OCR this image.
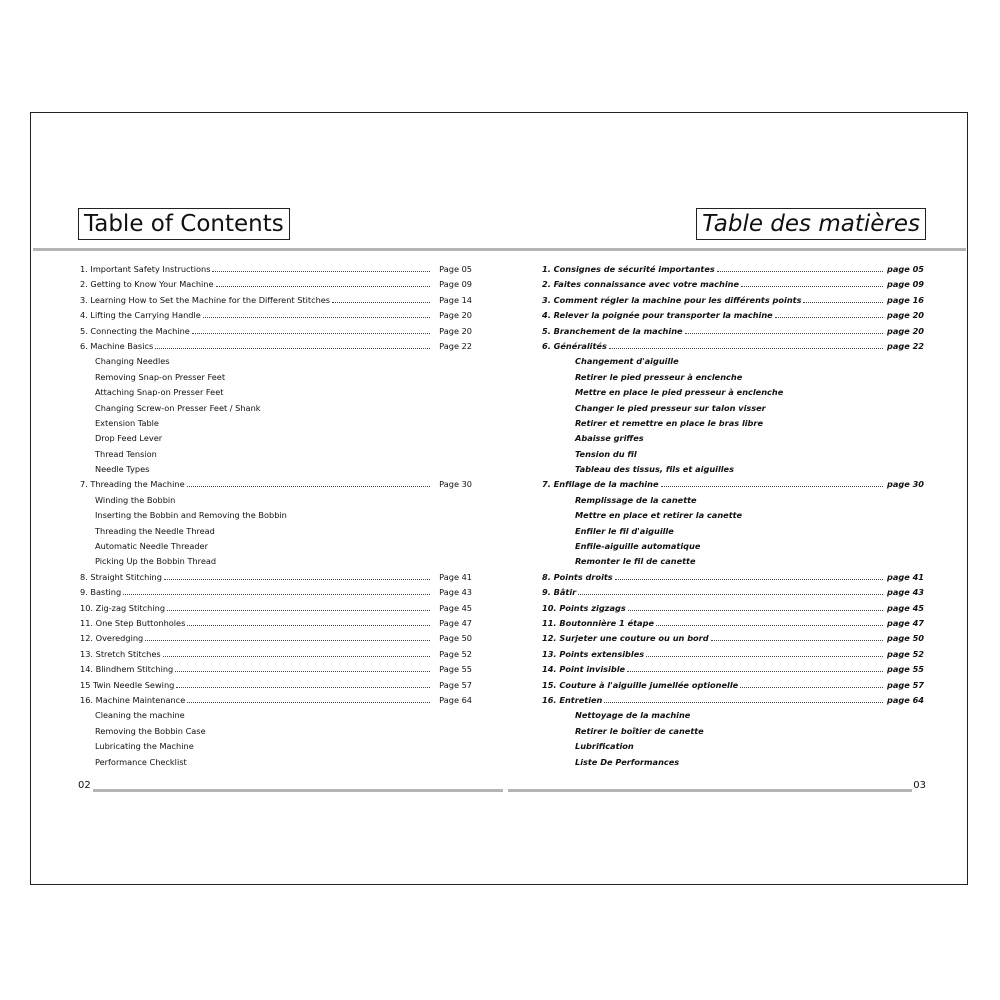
Table of Contents	Table des matières
1. Important Safety Instructions	Page 05
2. Getting to Know Your Machine	Page 09
3. Learning How to Set the Machine for the Different Stitches	Page 14
4. Lifting the Carrying Handle	Page 20
5. Connecting the Machine	Page 20
6. Machine Basics	Page 22
Changing Needles
Removing Snap-on Presser Feet
Attaching Snap-on Presser Feet
Changing Screw-on Presser Feet / Shank
Extension Table
Drop Feed Lever
Thread Tension
Needle Types
7. Threading the Machine	Page 30
Winding the Bobbin
Inserting the Bobbin and Removing the Bobbin
Threading the Needle Thread
Automatic Needle Threader
Picking Up the Bobbin Thread
8. Straight Stitching	Page 41
9. Basting	Page 43
10. Zig-zag Stitching	Page 45
11. One Step Buttonholes	Page 47
12. Overedging	Page 50
13. Stretch Stitches	Page 52
14. Blindhem Stitching	Page 55
15 Twin Needle Sewing	Page 57
16. Machine Maintenance	Page 64
Cleaning the machine
Removing the Bobbin Case
Lubricating the Machine
Performance Checklist
1. Consignes de sécurité importantes	page 05
2. Faites connaissance avec votre machine	page 09
3. Comment régler la machine pour les différents points	page 16
4. Relever la poignée pour transporter la machine	page 20
5. Branchement de la machine	page 20
6. Généralités	page 22
Changement d'aiguille
Retirer le pied presseur à enclenche
Mettre en place le pied presseur à enclenche
Changer le pied presseur sur talon visser
Retirer et remettre en place le bras libre
Abaisse griffes
Tension du fil
Tableau des tissus, fils et aiguilles
7. Enfilage de la machine	page 30
Remplissage de la canette
Mettre en place et retirer la canette
Enfiler le fil d'aiguille
Enfile-aiguille automatique
Remonter le fil de canette
8. Points droits	page 41
9. Bâtir	page 43
10. Points zigzags	page 45
11. Boutonnière 1 étape	page 47
12. Surjeter une couture ou un bord	page 50
13. Points extensibles	page 52
14. Point invisible	page 55
15. Couture à l'aiguille jumellée optionelle	page 57
16. Entretien	page 64
Nettoyage de la machine
Retirer le boîtier de canette
Lubrification
Liste De Performances
02	03
